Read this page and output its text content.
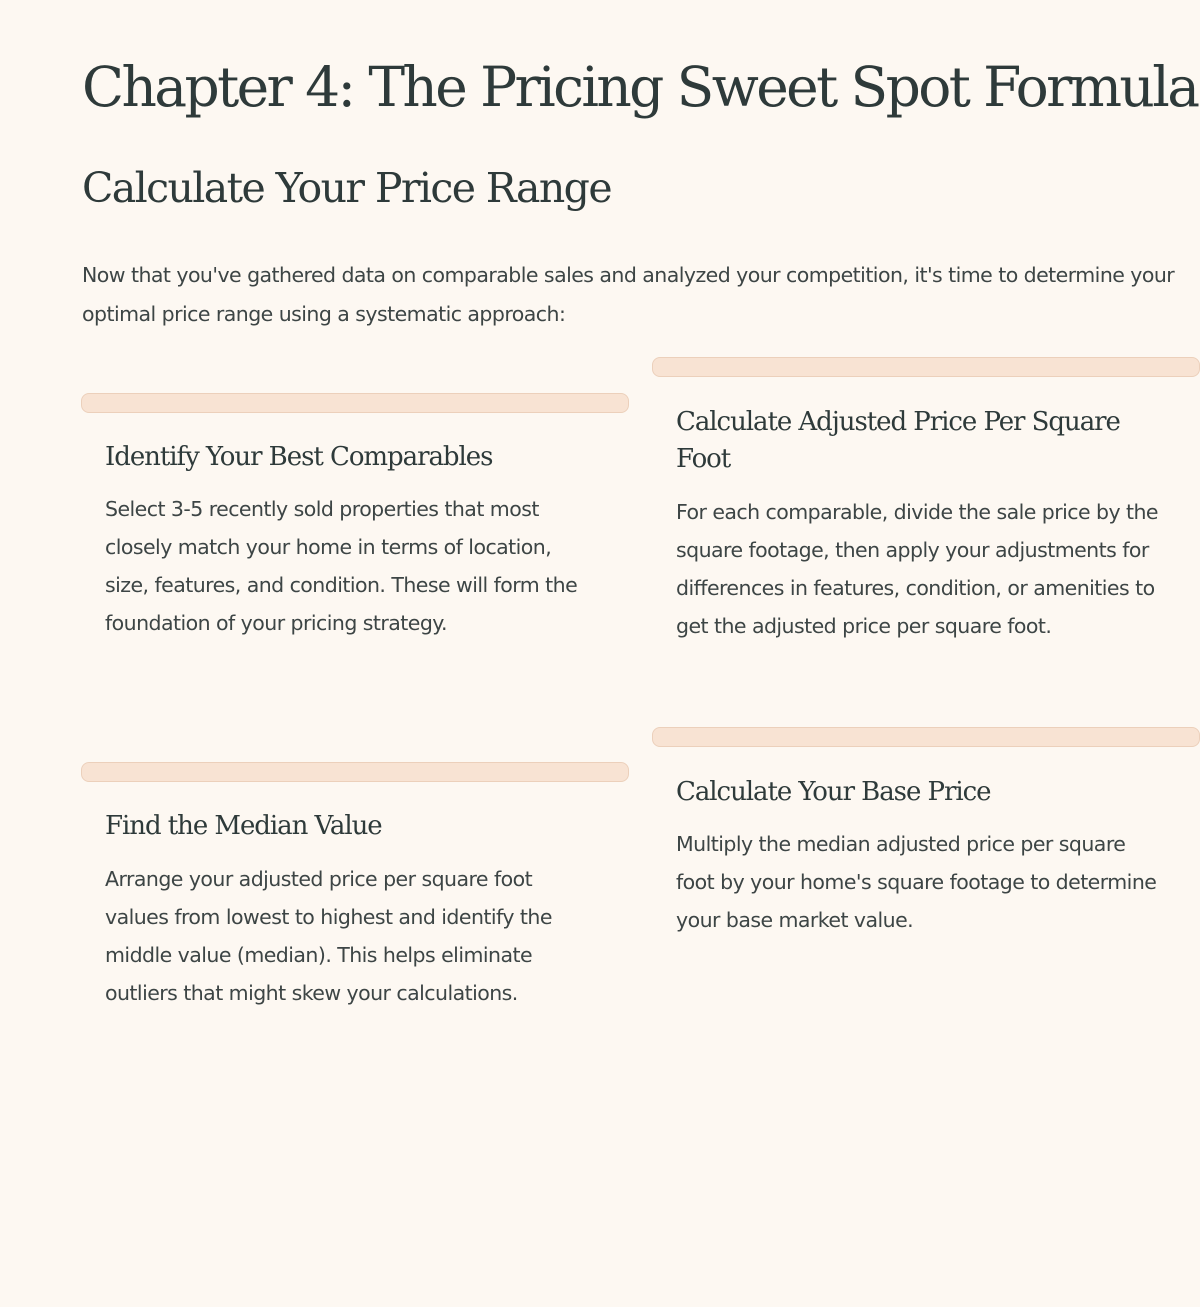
Chapter 4: The Pricing Sweet Spot Formula
Calculate Your Price Range

Now that you've gathered data on comparable sales and analyzed your competition, it's time to determine your optimal price range using a systematic approach:

Identify Your Best Comparables

Select 3-5 recently sold properties that most closely match your home in terms of location, size, features, and condition. These will form the foundation of your pricing strategy.

Calculate Adjusted Price Per Square Foot

For each comparable, divide the sale price by the square footage, then apply your adjustments for differences in features, condition, or amenities to get the adjusted price per square foot.

Find the Median Value

Arrange your adjusted price per square foot values from lowest to highest and identify the middle value (median). This helps eliminate outliers that might skew your calculations.

Calculate Your Base Price

Multiply the median adjusted price per square foot by your home's square footage to determine your base market value.
